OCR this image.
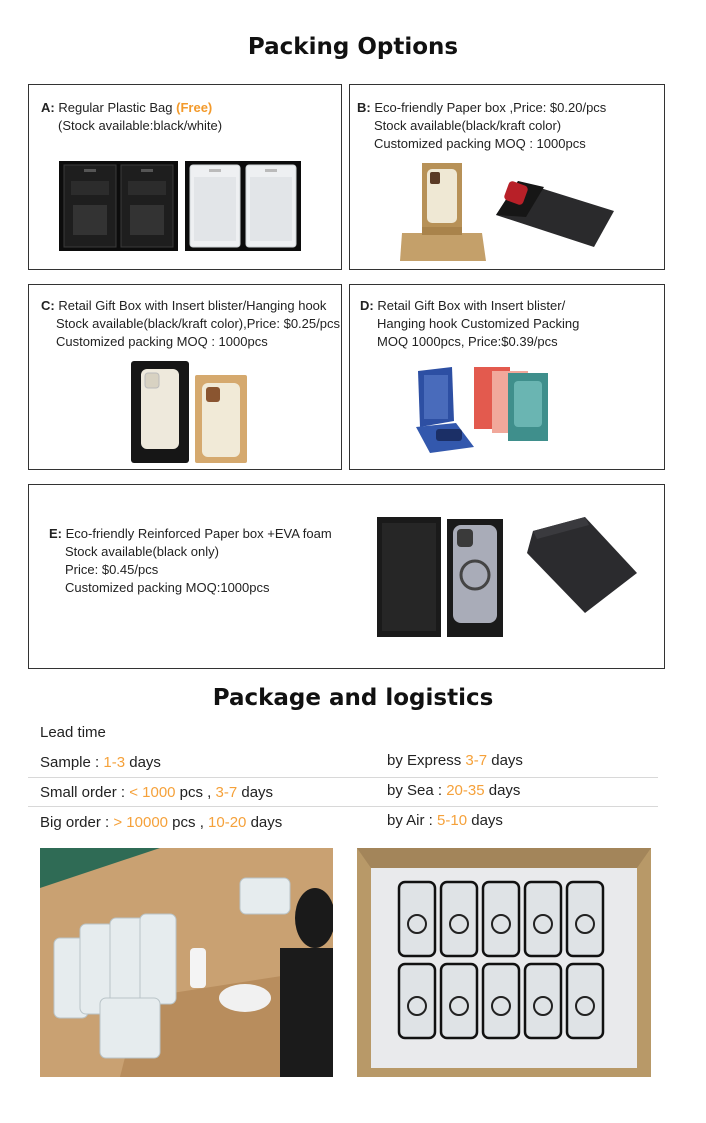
Packing Options
A: Regular Plastic Bag (Free)
(Stock available:black/white)
B: Eco-friendly Paper box ,Price: $0.20/pcs
Stock available(black/kraft color)
Customized packing MOQ : 1000pcs
C: Retail Gift Box with Insert blister/Hanging hook
Stock available(black/kraft color),Price: $0.25/pcs
Customized packing MOQ : 1000pcs
D: Retail Gift Box with Insert blister/
Hanging hook Customized Packing
MOQ 1000pcs, Price:$0.39/pcs
E: Eco-friendly Reinforced Paper box +EVA foam
Stock available(black only)
Price: $0.45/pcs
Customized packing MOQ:1000pcs
Package and logistics
Lead time
Sample : 1-3 days	by Express 3-7 days
Small order : < 1000 pcs , 3-7 days	by Sea : 20-35 days
Big order : > 10000 pcs , 10-20 days	by Air : 5-10 days
